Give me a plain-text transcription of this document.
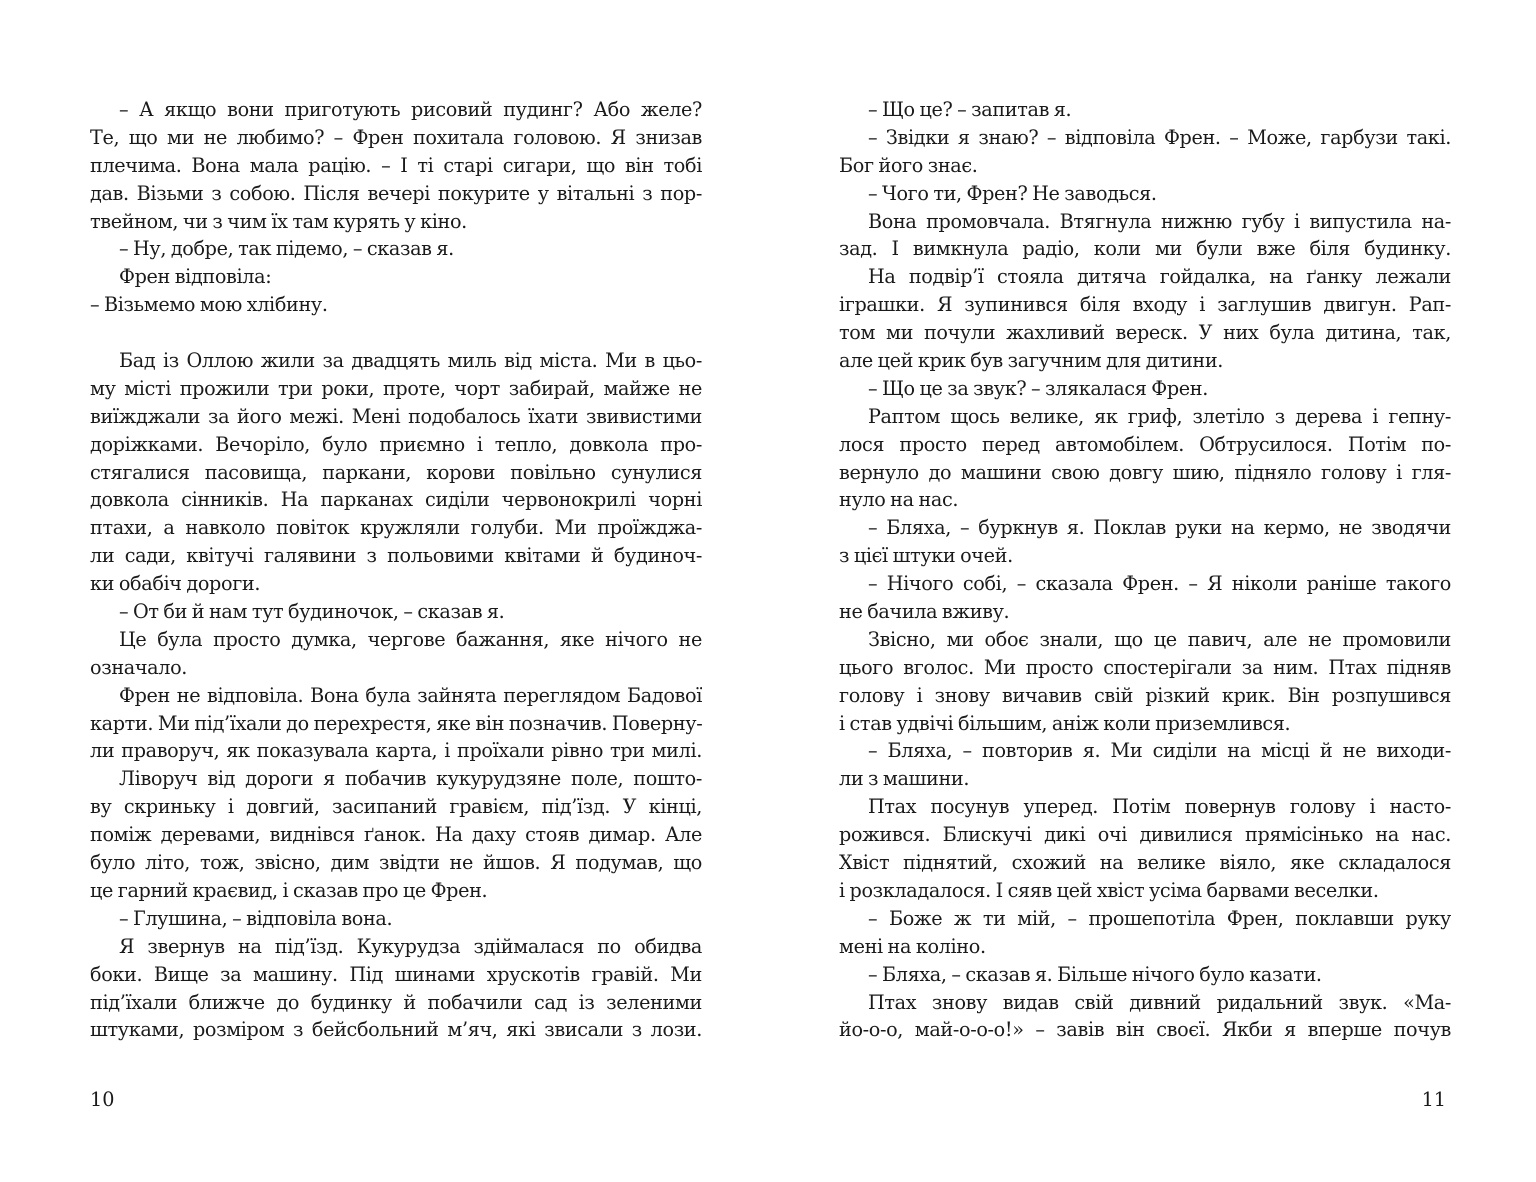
– А якщо вони приготують рисовий пудинг? Або желе?
Те, що ми не любимо? – Френ похитала головою. Я знизав
плечима. Вона мала рацію. – І ті старі сигари, що він тобі
дав. Візьми з собою. Після вечері покурите у вітальні з пор-
твейном, чи з чим їх там курять у кіно.
– Ну, добре, так підемо, – сказав я.
Френ відповіла:
– Візьмемо мою хлібину.
Бад із Оллою жили за двадцять миль від міста. Ми в цьо-
му місті прожили три роки, проте, чорт забирай, майже не
виїжджали за його межі. Мені подобалось їхати звивистими
доріжками. Вечоріло, було приємно і тепло, довкола про-
стягалися пасовища, паркани, корови повільно сунулися
довкола сінників. На парканах сиділи червонокрилі чорні
птахи, а навколо повіток кружляли голуби. Ми проїжджа-
ли сади, квітучі галявини з польовими квітами й будиноч-
ки обабіч дороги.
– От би й нам тут будиночок, – сказав я.
Це була просто думка, чергове бажання, яке нічого не
означало.
Френ не відповіла. Вона була зайнята переглядом Бадової
карти. Ми під’їхали до перехрестя, яке він позначив. Поверну-
ли праворуч, як показувала карта, і проїхали рівно три милі.
Ліворуч від дороги я побачив кукурудзяне поле, пошто-
ву скриньку і довгий, засипаний гравієм, під’їзд. У кінці,
поміж деревами, виднівся ґанок. На даху стояв димар. Але
було літо, тож, звісно, дим звідти не йшов. Я подумав, що
це гарний краєвид, і сказав про це Френ.
– Глушина, – відповіла вона.
Я звернув на під’їзд. Кукурудза здіймалася по обидва
боки. Вище за машину. Під шинами хрускотів гравій. Ми
під’їхали ближче до будинку й побачили сад із зеленими
штуками, розміром з бейсбольний м’яч, які звисали з лози.
– Що це? – запитав я.
– Звідки я знаю? – відповіла Френ. – Може, гарбузи такі.
Бог його знає.
– Чого ти, Френ? Не заводься.
Вона промовчала. Втягнула нижню губу і випустила на-
зад. І вимкнула радіо, коли ми були вже біля будинку.
На подвір’ї стояла дитяча гойдалка, на ґанку лежали
іграшки. Я зупинився біля входу і заглушив двигун. Рап-
том ми почули жахливий вереск. У них була дитина, так,
але цей крик був загучним для дитини.
– Що це за звук? – злякалася Френ.
Раптом щось велике, як гриф, злетіло з дерева і гепну-
лося просто перед автомобілем. Обтрусилося. Потім по-
вернуло до машини свою довгу шию, підняло голову і гля-
нуло на нас.
– Бляха, – буркнув я. Поклав руки на кермо, не зводячи
з цієї штуки очей.
– Нічого собі, – сказала Френ. – Я ніколи раніше такого
не бачила вживу.
Звісно, ми обоє знали, що це павич, але не промовили
цього вголос. Ми просто спостерігали за ним. Птах підняв
голову і знову вичавив свій різкий крик. Він розпушився
і став удвічі більшим, аніж коли приземлився.
– Бляха, – повторив я. Ми сиділи на місці й не виходи-
ли з машини.
Птах посунув уперед. Потім повернув голову і насто-
рожився. Блискучі дикі очі дивилися прямісінько на нас.
Хвіст піднятий, схожий на велике віяло, яке складалося
і розкладалося. І сяяв цей хвіст усіма барвами веселки.
– Боже ж ти мій, – прошепотіла Френ, поклавши руку
мені на коліно.
– Бляха, – сказав я. Більше нічого було казати.
Птах знову видав свій дивний ридальний звук. «Ма-
йо-о-о, май-о-о-о!» – завів він своєї. Якби я вперше почув
10	11
